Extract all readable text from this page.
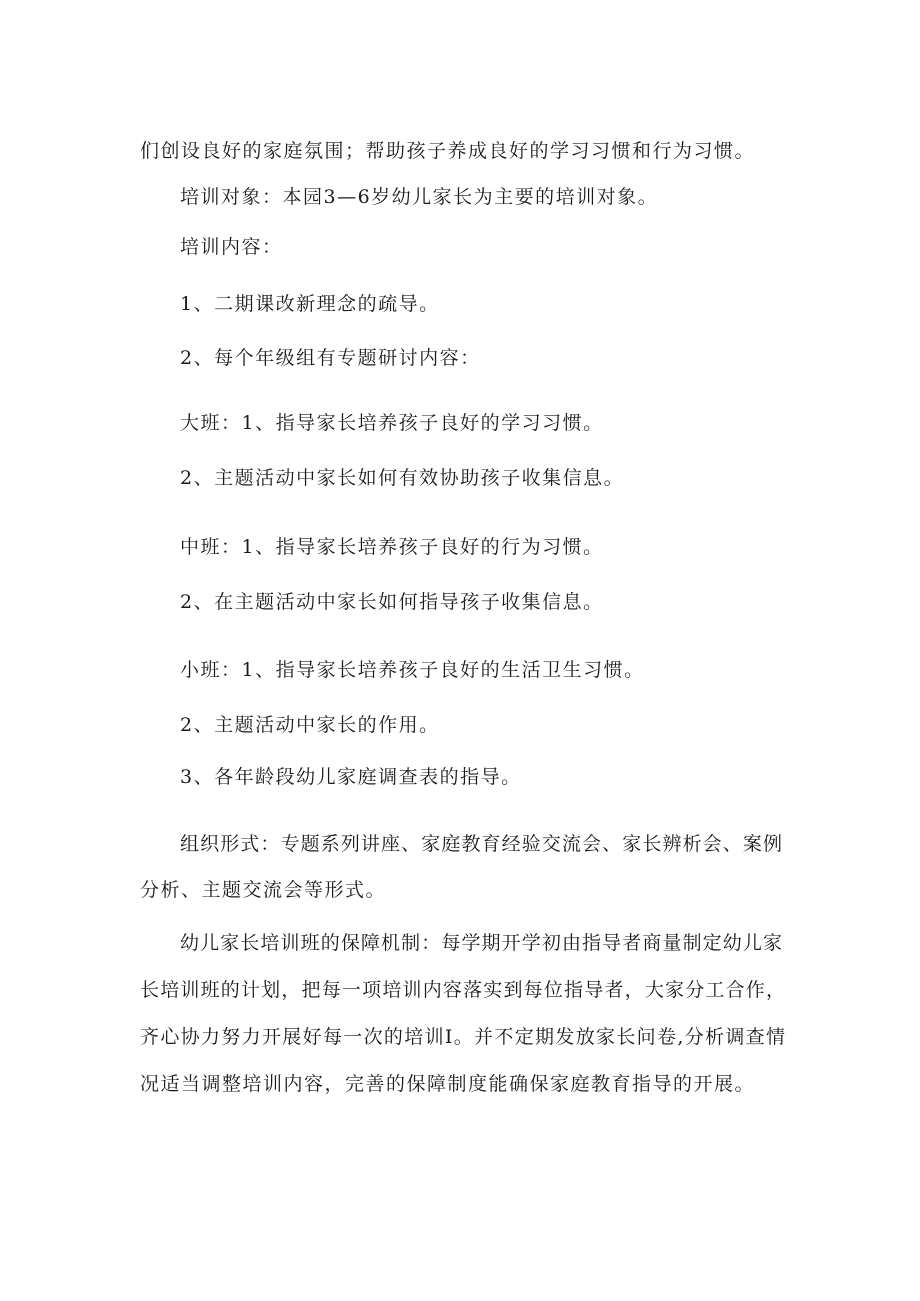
们创设良好的家庭氛围；帮助孩子养成良好的学习习惯和行为习惯。
培训对象：本园3—6岁幼儿家长为主要的培训对象。
培训内容：
1、二期课改新理念的疏导。
2、每个年级组有专题研讨内容：
大班：1、指导家长培养孩子良好的学习习惯。
2、主题活动中家长如何有效协助孩子收集信息。
中班：1、指导家长培养孩子良好的行为习惯。
2、在主题活动中家长如何指导孩子收集信息。
小班：1、指导家长培养孩子良好的生活卫生习惯。
2、主题活动中家长的作用。
3、各年龄段幼儿家庭调查表的指导。
组织形式：专题系列讲座、家庭教育经验交流会、家长辨析会、案例
分析、主题交流会等形式。
幼儿家长培训班的保障机制：每学期开学初由指导者商量制定幼儿家
长培训班的计划，把每一项培训内容落实到每位指导者，大家分工合作，
齐心协力努力开展好每一次的培训I。并不定期发放家长问卷,分析调查情
况适当调整培训内容，完善的保障制度能确保家庭教育指导的开展。
